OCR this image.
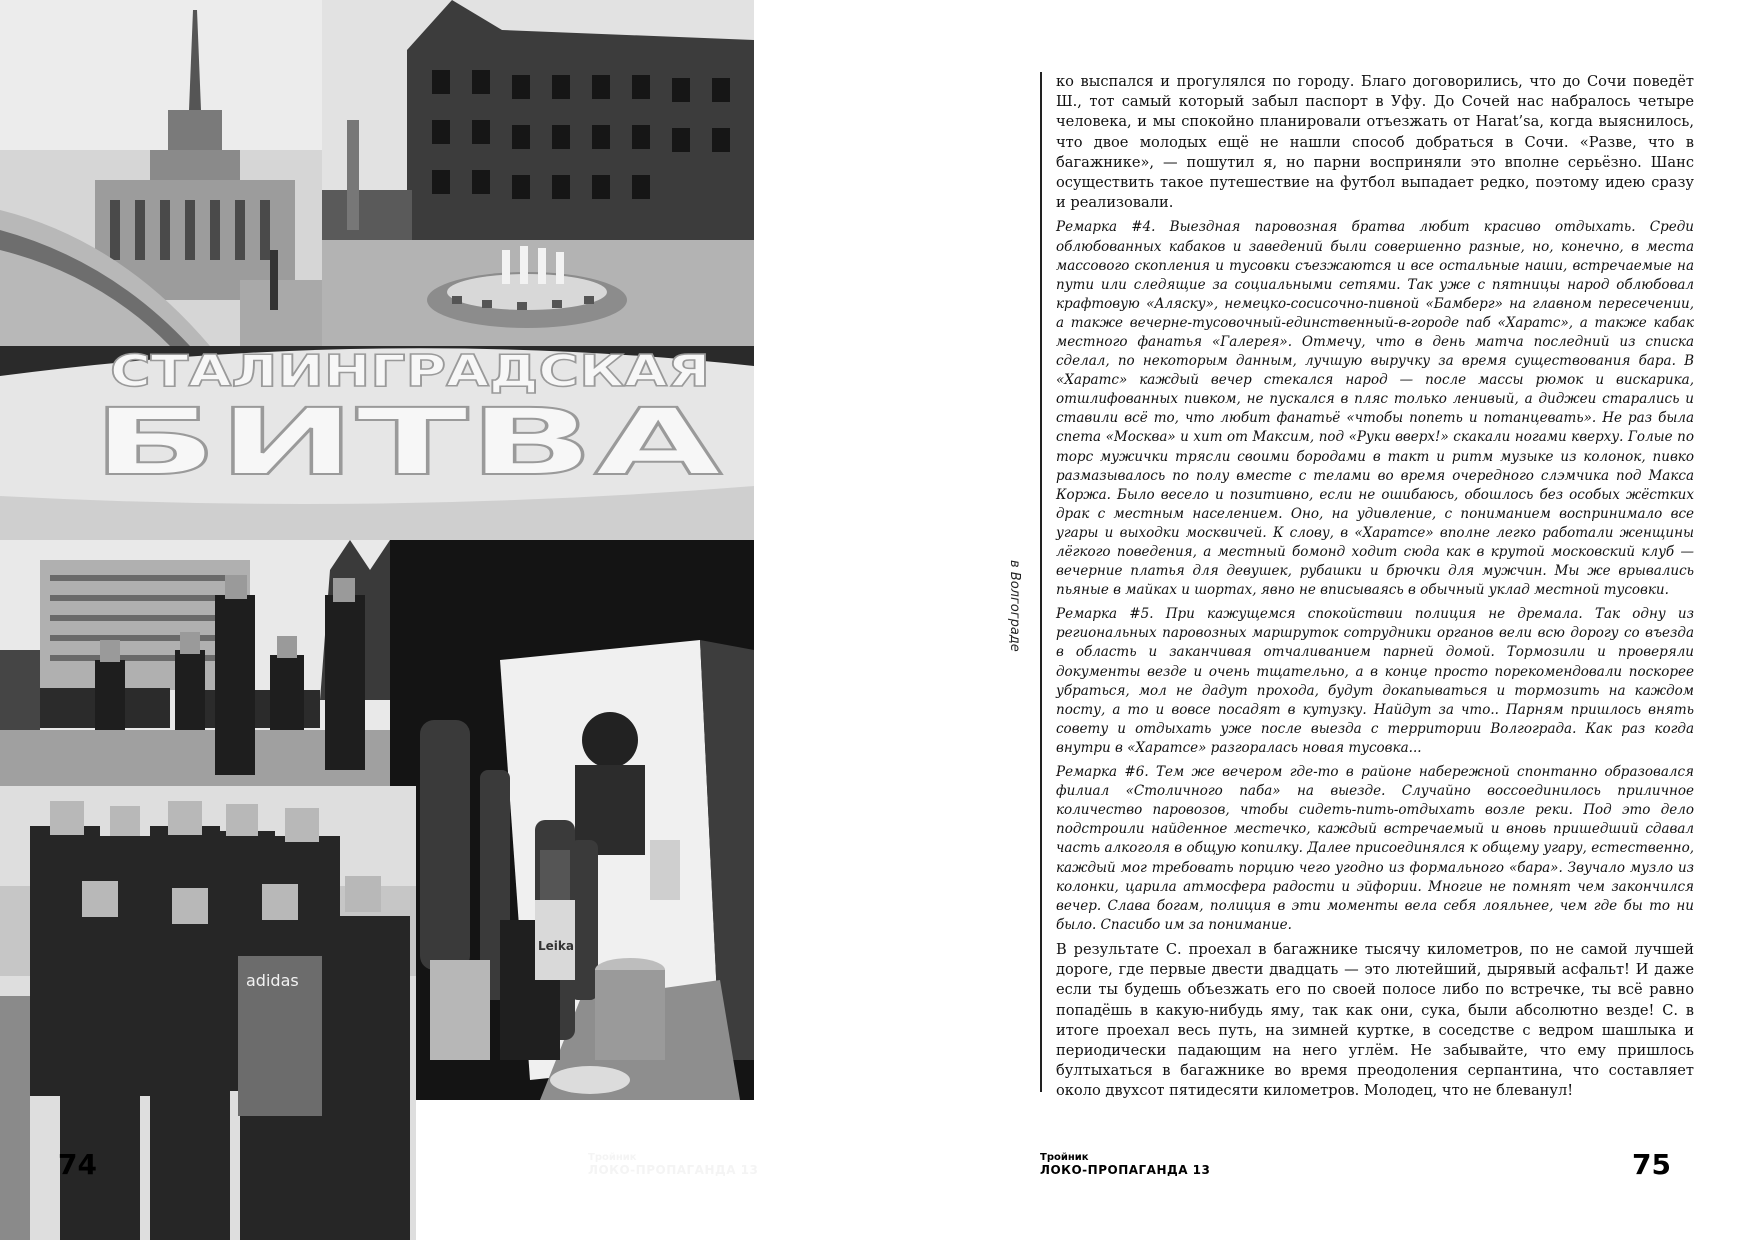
СТАЛИНГРАДСКАЯ
БИТВА
Leika
adidas
74	Тройник
ЛОКО-ПРОПАГАНДА 13
в Волгограде

ко выспался и прогулялся по городу. Благо договорились, что до Сочи поведёт Ш., тот самый который забыл паспорт в Уфу. До Сочей нас набралось четыре человека, и мы спокойно планировали отъезжать от Harat’sa, когда выяснилось, что двое молодых ещё не нашли способ добраться в Сочи. «Разве, что в багажнике», — пошутил я, но парни восприняли это вполне серьёзно. Шанс осуществить такое путешествие на футбол выпадает редко, поэтому идею сразу и реализовали.

Ремарка #4. Выездная паровозная братва любит красиво отдыхать. Среди облюбованных кабаков и заведений были совершенно разные, но, конечно, в места массового скопления и тусовки съезжаются и все остальные наши, встречаемые на пути или следящие за социальными сетями. Так уже с пятницы народ облюбовал крафтовую «Аляску», немецко-сосисочно-пивной «Бамберг» на главном пересечении, а также вечерне-тусовочный-единственный-в-городе паб «Харатс», а также кабак местного фанатья «Галерея». Отмечу, что в день матча последний из списка сделал, по некоторым данным, лучшую выручку за время существования бара. В «Харатс» каждый вечер стекался народ — после массы рюмок и вискарика, отшлифованных пивком, не пускался в пляс только ленивый, а диджеи старались и ставили всё то, что любит фанатьё «чтобы попеть и потанцевать». Не раз была спета «Москва» и хит от Максим, под «Руки вверх!» скакали ногами кверху. Голые по торс мужички трясли своими бородами в такт и ритм музыке из колонок, пивко размазывалось по полу вместе с телами во время очередного слэмчика под Макса Коржа. Было весело и позитивно, если не ошибаюсь, обошлось без особых жёстких драк с местным населением. Оно, на удивление, с пониманием воспринимало все угары и выходки москвичей. К слову, в «Харатсе» вполне легко работали женщины лёгкого поведения, а местный бомонд ходит сюда как в крутой московский клуб — вечерние платья для девушек, рубашки и брючки для мужчин. Мы же врывались пьяные в майках и шортах, явно не вписываясь в обычный уклад местной тусовки.

Ремарка #5. При кажущемся спокойствии полиция не дремала. Так одну из региональных паровозных маршруток сотрудники органов вели всю дорогу со въезда в область и заканчивая отчаливанием парней домой. Тормозили и проверяли документы везде и очень тщательно, а в конце просто порекомендовали поскорее убраться, мол не дадут прохода, будут докапываться и тормозить на каждом посту, а то и вовсе посадят в кутузку. Найдут за что.. Парням пришлось внять совету и отдыхать уже после выезда с территории Волгограда. Как раз когда внутри в «Харатсе» разгоралась новая тусовка...

Ремарка #6. Тем же вечером где-то в районе набережной спонтанно образовался филиал «Столичного паба» на выезде. Случайно воссоединилось приличное количество паровозов, чтобы сидеть-пить-отдыхать возле реки. Под это дело подстроили найденное местечко, каждый встречаемый и вновь пришедший сдавал часть алкоголя в общую копилку. Далее присоединялся к общему угару, естественно, каждый мог требовать порцию чего угодно из формального «бара». Звучало музло из колонки, царила атмосфера радости и эйфории. Многие не помнят чем закончился вечер. Слава богам, полиция в эти моменты вела себя лояльнее, чем где бы то ни было. Спасибо им за понимание.

В результате С. проехал в багажнике тысячу километров, по не самой лучшей дороге, где первые двести двадцать — это лютейший, дырявый асфальт! И даже если ты будешь объезжать его по своей полосе либо по встречке, ты всё равно попадёшь в какую-нибудь яму, так как они, сука, были абсолютно везде! С. в итоге проехал весь путь, на зимней куртке, в соседстве с ведром шашлыка и периодически падающим на него углём. Не забывайте, что ему пришлось бултыхаться в багажнике во время преодоления серпантина, что составляет около двухсот пятидесяти километров. Молодец, что не блеванул!

Тройник
ЛОКО-ПРОПАГАНДА 13	75
